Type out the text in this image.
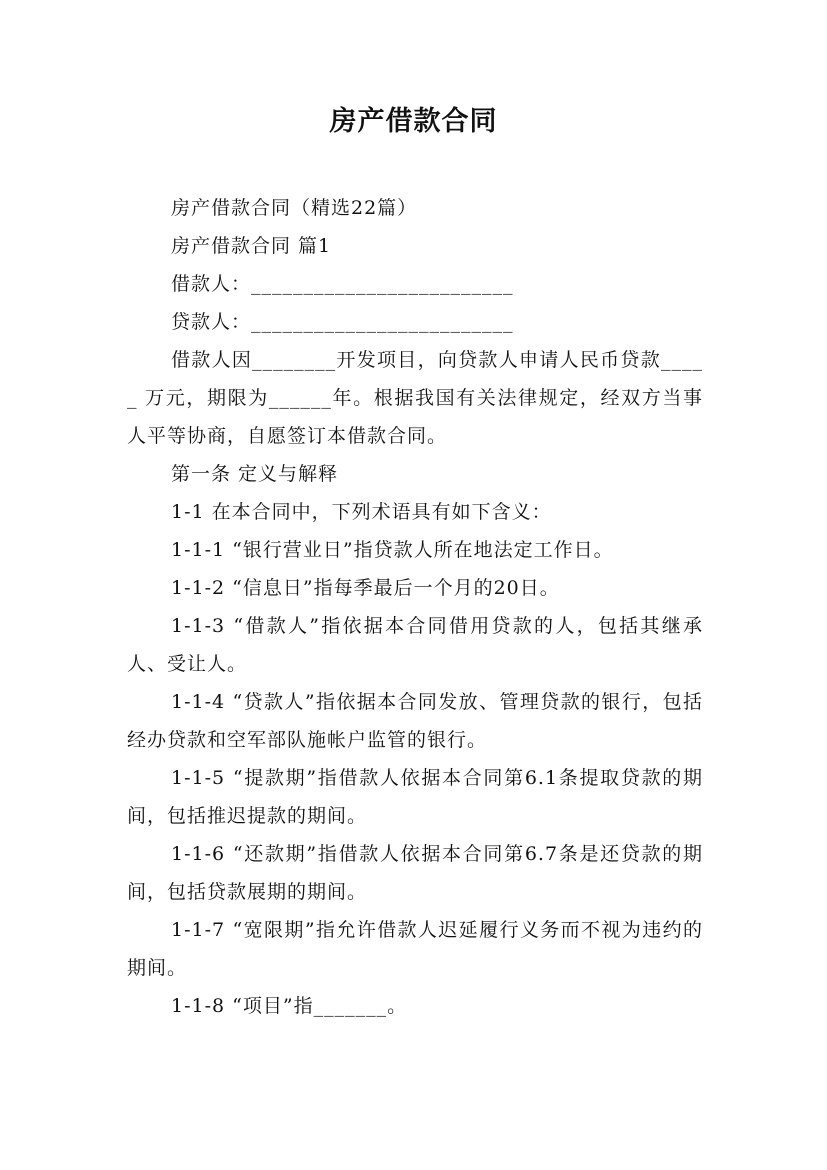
房产借款合同

房产借款合同（精选22篇）

房产借款合同 篇1

借款人：_________________________

贷款人：_________________________

借款人因________开发项目，向贷款人申请人民币贷款_____ 万元，期限为______年。根据我国有关法律规定，经双方当事人平等协商，自愿签订本借款合同。

第一条 定义与解释

1-1 在本合同中，下列术语具有如下含义：

1-1-1 “银行营业日”指贷款人所在地法定工作日。

1-1-2 “信息日”指每季最后一个月的20日。

1-1-3 “借款人”指依据本合同借用贷款的人，包括其继承人、受让人。

1-1-4 “贷款人”指依据本合同发放、管理贷款的银行，包括经办贷款和空军部队施帐户监管的银行。

1-1-5 “提款期”指借款人依据本合同第6.1条提取贷款的期间，包括推迟提款的期间。

1-1-6 “还款期”指借款人依据本合同第6.7条是还贷款的期间，包括贷款展期的期间。

1-1-7 “宽限期”指允许借款人迟延履行义务而不视为违约的期间。

1-1-8 “项目”指_______。
